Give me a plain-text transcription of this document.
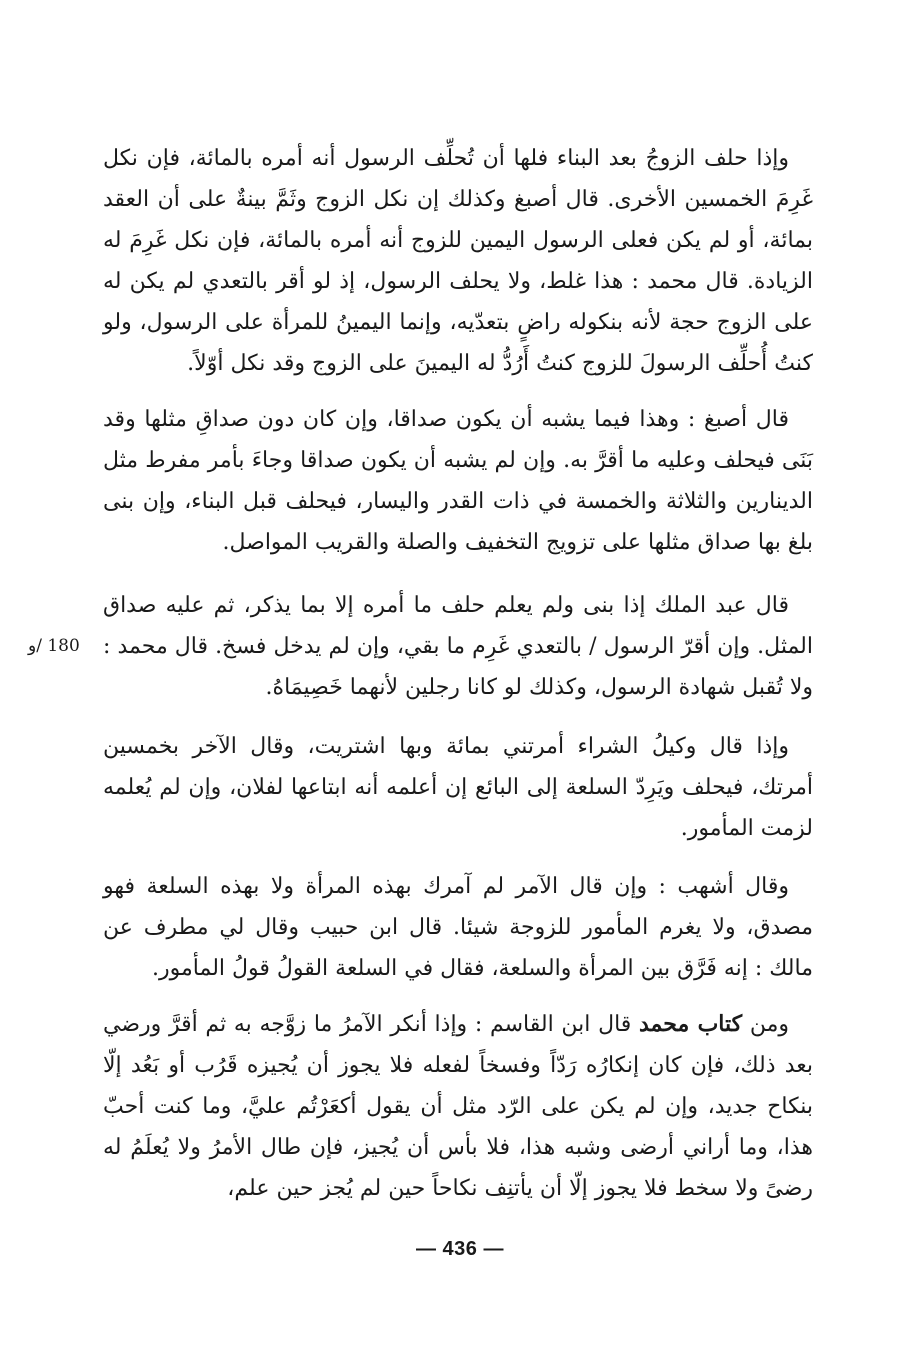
وإذا حلف الزوجُ بعد البناء فلها أن تُحلِّف الرسول أنه أمره بالمائة، فإن نكل غَرِمَ الخمسين الأخرى. قال أصبغ وكذلك إن نكل الزوج وثَمَّ بينةٌ على أن العقد بمائة، أو لم يكن فعلى الرسول اليمين للزوج أنه أمره بالمائة، فإن نكل غَرِمَ له الزيادة. قال محمد : هذا غلط، ولا يحلف الرسول، إذ لو أقر بالتعدي لم يكن له على الزوج حجة لأنه بنكوله راضٍ بتعدّيه، وإنما اليمينُ للمرأة على الرسول، ولو كنتُ أُحلِّف الرسولَ للزوج كنتُ أَرُدُّ له اليمينَ على الزوج وقد نكل أوّلاً.

قال أصبغ : وهذا فيما يشبه أن يكون صداقا، وإن كان دون صداقِ مثلها وقد بَنَى فيحلف وعليه ما أقرَّ به. وإن لم يشبه أن يكون صداقا وجاءَ بأمر مفرط مثل الدينارين والثلاثة والخمسة في ذات القدر واليسار، فيحلف قبل البناء، وإن بنى بلغ بها صداق مثلها على تزويج التخفيف والصلة والقريب المواصل.

قال عبد الملك إذا بنى ولم يعلم حلف ما أمره إلا بما يذكر، ثم عليه صداق المثل. وإن أقرّ الرسول / بالتعدي غَرِم ما بقي، وإن لم يدخل فسخ. قال محمد : ولا تُقبل شهادة الرسول، وكذلك لو كانا رجلين لأنهما خَصِيمَاهُ.

وإذا قال وكيلُ الشراء أمرتني بمائة وبها اشتريت، وقال الآخر بخمسين أمرتك، فيحلف ويَرِدّ السلعة إلى البائع إن أعلمه أنه ابتاعها لفلان، وإن لم يُعلمه لزمت المأمور.

وقال أشهب : وإن قال الآمر لم آمرك بهذه المرأة ولا بهذه السلعة فهو مصدق، ولا يغرم المأمور للزوجة شيئا. قال ابن حبيب وقال لي مطرف عن مالك : إنه فَرَّق بين المرأة والسلعة، فقال في السلعة القولُ قولُ المأمور.

ومن كتاب محمد قال ابن القاسم : وإذا أنكر الآمرُ ما زوَّجه به ثم أقرَّ ورضي بعد ذلك، فإن كان إنكارُه رَدّاً وفسخاً لفعله فلا يجوز أن يُجيزه قَرُب أو بَعُد إلّا بنكاح جديد، وإن لم يكن على الرّد مثل أن يقول أكعَرْتُم عليَّ، وما كنت أحبّ هذا، وما أراني أرضى وشبه هذا، فلا بأس أن يُجيز، فإن طال الأمرُ ولا يُعلَمُ له رضىً ولا سخط فلا يجوز إلّا أن يأتنِف نكاحاً حين لم يُجز حين علم،

180 /و
— 436 —
